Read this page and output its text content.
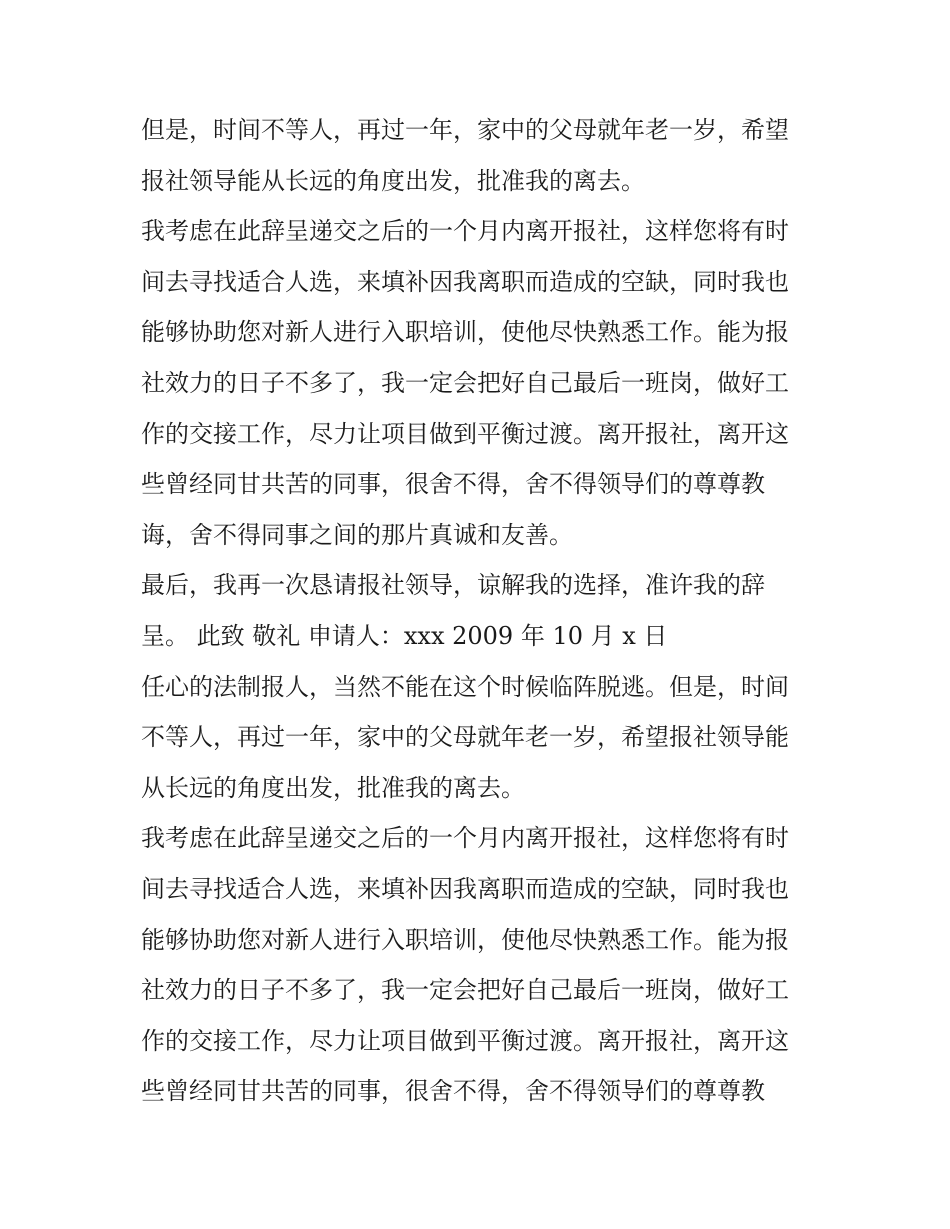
但是，时间不等人，再过一年，家中的父母就年老一岁，希望
报社领导能从长远的角度出发，批准我的离去。
我考虑在此辞呈递交之后的一个月内离开报社，这样您将有时
间去寻找适合人选，来填补因我离职而造成的空缺，同时我也
能够协助您对新人进行入职培训，使他尽快熟悉工作。能为报
社效力的日子不多了，我一定会把好自己最后一班岗，做好工
作的交接工作，尽力让项目做到平衡过渡。离开报社，离开这
些曾经同甘共苦的同事，很舍不得，舍不得领导们的尊尊教
诲，舍不得同事之间的那片真诚和友善。
最后，我再一次恳请报社领导，谅解我的选择，准许我的辞
呈。 此致 敬礼 申请人：xxx 2009 年 10 月 x 日
任心的法制报人，当然不能在这个时候临阵脱逃。但是，时间
不等人，再过一年，家中的父母就年老一岁，希望报社领导能
从长远的角度出发，批准我的离去。
我考虑在此辞呈递交之后的一个月内离开报社，这样您将有时
间去寻找适合人选，来填补因我离职而造成的空缺，同时我也
能够协助您对新人进行入职培训，使他尽快熟悉工作。能为报
社效力的日子不多了，我一定会把好自己最后一班岗，做好工
作的交接工作，尽力让项目做到平衡过渡。离开报社，离开这
些曾经同甘共苦的同事，很舍不得，舍不得领导们的尊尊教
